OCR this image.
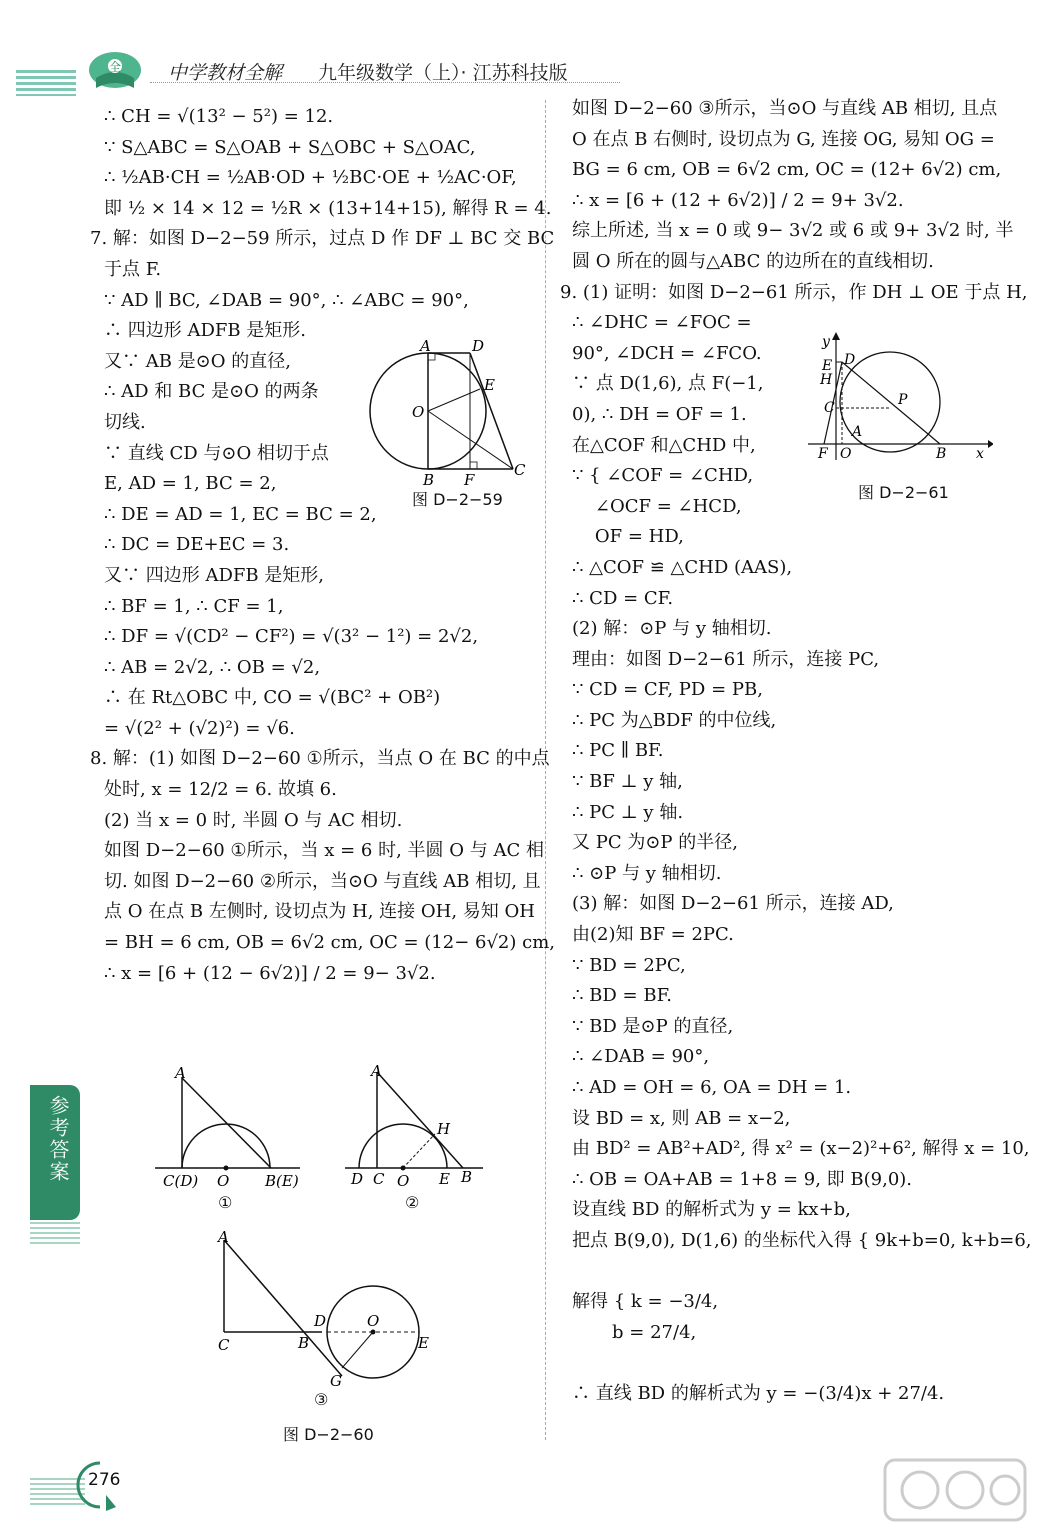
全 中学教材全解 九年级数学（上）· 江苏科技版
∴ CH = √(13² − 5²) = 12.
∵ S△ABC = S△OAB + S△OBC + S△OAC,
∴ ½AB·CH = ½AB·OD + ½BC·OE + ½AC·OF,
即 ½ × 14 × 12 = ½R × (13+14+15), 解得 R = 4.
7. 解：如图 D−2−59 所示，过点 D 作 DF ⊥ BC 交 BC
于点 F.
∵ AD ∥ BC, ∠DAB = 90°, ∴ ∠ABC = 90°,
∴ 四边形 ADFB 是矩形.
又∵ AB 是⊙O 的直径,
∴ AD 和 BC 是⊙O 的两条
切线.
∵ 直线 CD 与⊙O 相切于点
E, AD = 1, BC = 2,
∴ DE = AD = 1, EC = BC = 2,
∴ DC = DE+EC = 3.
又∵ 四边形 ADFB 是矩形,
∴ BF = 1, ∴ CF = 1,
∴ DF = √(CD² − CF²) = √(3² − 1²) = 2√2,
∴ AB = 2√2, ∴ OB = √2,
∴ 在 Rt△OBC 中, CO = √(BC² + OB²)
= √(2² + (√2)²) = √6.
8. 解：(1) 如图 D−2−60 ①所示，当点 O 在 BC 的中点
处时, x = 12/2 = 6. 故填 6.
(2) 当 x = 0 时, 半圆 O 与 AC 相切.
如图 D−2−60 ①所示，当 x = 6 时, 半圆 O 与 AC 相
切. 如图 D−2−60 ②所示，当⊙O 与直线 AB 相切, 且
点 O 在点 B 左侧时, 设切点为 H, 连接 OH, 易知 OH
= BH = 6 cm, OB = 6√2 cm, OC = (12− 6√2) cm,
∴ x = [6 + (12 − 6√2)] / 2 = 9− 3√2.
A	D
E
O
B F
C
图 D−2−59
A
C(D) O B(E)
①
A
H
D C O E B
②
A
C	B
D	O
E
G
③
图 D−2−60
如图 D−2−60 ③所示，当⊙O 与直线 AB 相切, 且点
O 在点 B 右侧时, 设切点为 G, 连接 OG, 易知 OG =
BG = 6 cm, OB = 6√2 cm, OC = (12+ 6√2) cm,
∴ x = [6 + (12 + 6√2)] / 2 = 9+ 3√2.
综上所述, 当 x = 0 或 9− 3√2 或 6 或 9+ 3√2 时, 半
圆 O 所在的圆与△ABC 的边所在的直线相切.
9. (1) 证明：如图 D−2−61 所示，作 DH ⊥ OE 于点 H,
∴ ∠DHC = ∠FOC =
90°, ∠DCH = ∠FCO.
∵ 点 D(1,6), 点 F(−1,
0), ∴ DH = OF = 1.
在△COF 和△CHD 中,
∵ { ∠COF = ∠CHD,
∠OCF = ∠HCD,
OF = HD,
∴ △COF ≌ △CHD (AAS),
∴ CD = CF.
(2) 解：⊙P 与 y 轴相切.
理由：如图 D−2−61 所示，连接 PC,
∵ CD = CF, PD = PB,
∴ PC 为△BDF 的中位线,
∴ PC ∥ BF.
∵ BF ⊥ y 轴,
∴ PC ⊥ y 轴.
又 PC 为⊙P 的半径,
∴ ⊙P 与 y 轴相切.
(3) 解：如图 D−2−61 所示，连接 AD,
由(2)知 BF = 2PC.
∵ BD = 2PC,
∴ BD = BF.
∵ BD 是⊙P 的直径,
∴ ∠DAB = 90°,
∴ AD = OH = 6, OA = DH = 1.
设 BD = x, 则 AB = x−2,
由 BD² = AB²+AD², 得 x² = (x−2)²+6², 解得 x = 10,
∴ OB = OA+AB = 1+8 = 9, 即 B(9,0).
设直线 BD 的解析式为 y = kx+b,
把点 B(9,0), D(1,6) 的坐标代入得 { 9k+b=0, k+b=6,
解得 { k = −3/4,
b = 27/4,
∴ 直线 BD 的解析式为 y = −(3/4)x + 27/4.
y
D
E
H
C	P
A
F O	B x
图 D−2−61
参考答案
276
